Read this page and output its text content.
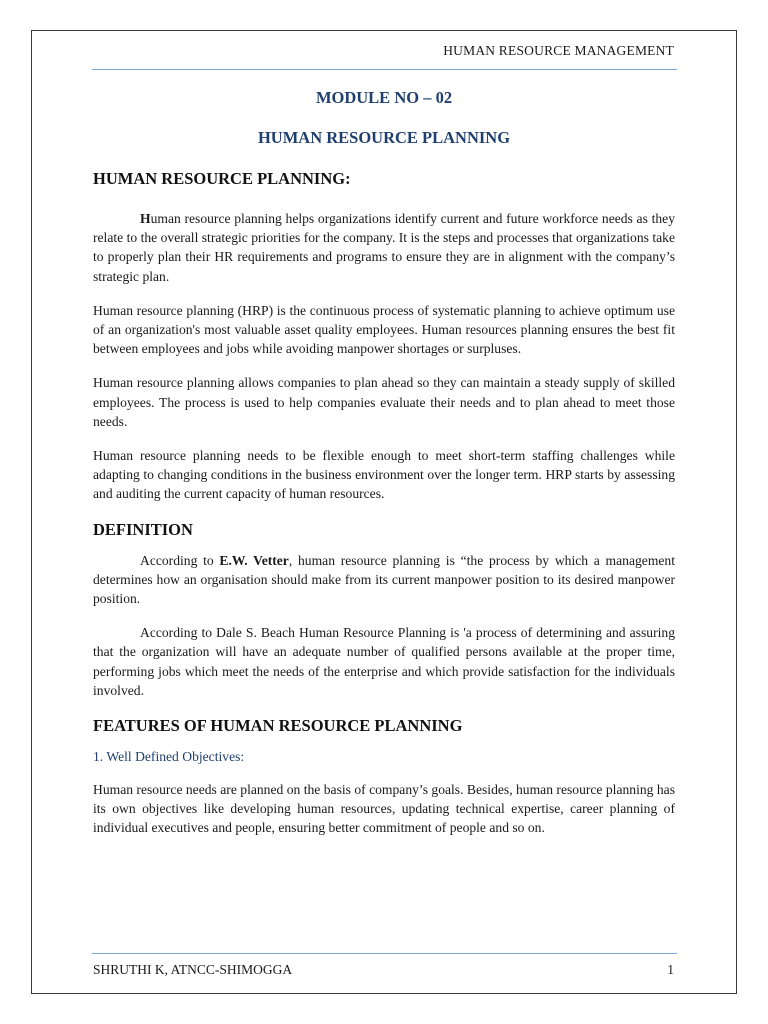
HUMAN RESOURCE MANAGEMENT
MODULE NO – 02
HUMAN RESOURCE PLANNING
HUMAN RESOURCE PLANNING:

Human resource planning helps organizations identify current and future workforce needs as they relate to the overall strategic priorities for the company. It is the steps and processes that organizations take to properly plan their HR requirements and programs to ensure they are in alignment with the company’s strategic plan.

Human resource planning (HRP) is the continuous process of systematic planning to achieve optimum use of an organization's most valuable asset quality employees. Human resources planning ensures the best fit between employees and jobs while avoiding manpower shortages or surpluses.

Human resource planning allows companies to plan ahead so they can maintain a steady supply of skilled employees. The process is used to help companies evaluate their needs and to plan ahead to meet those needs.

Human resource planning needs to be flexible enough to meet short-term staffing challenges while adapting to changing conditions in the business environment over the longer term. HRP starts by assessing and auditing the current capacity of human resources.

DEFINITION

According to E.W. Vetter, human resource planning is “the process by which a management determines how an organisation should make from its current manpower position to its desired manpower position.

According to Dale S. Beach Human Resource Planning is 'a process of determining and assuring that the organization will have an adequate number of qualified persons available at the proper time, performing jobs which meet the needs of the enterprise and which provide satisfaction for the individuals involved.

FEATURES OF HUMAN RESOURCE PLANNING
1. Well Defined Objectives:

Human resource needs are planned on the basis of company’s goals. Besides, human resource planning has its own objectives like developing human resources, updating technical expertise, career planning of individual executives and people, ensuring better commitment of people and so on.

SHRUTHI K, ATNCC-SHIMOGGA	1
